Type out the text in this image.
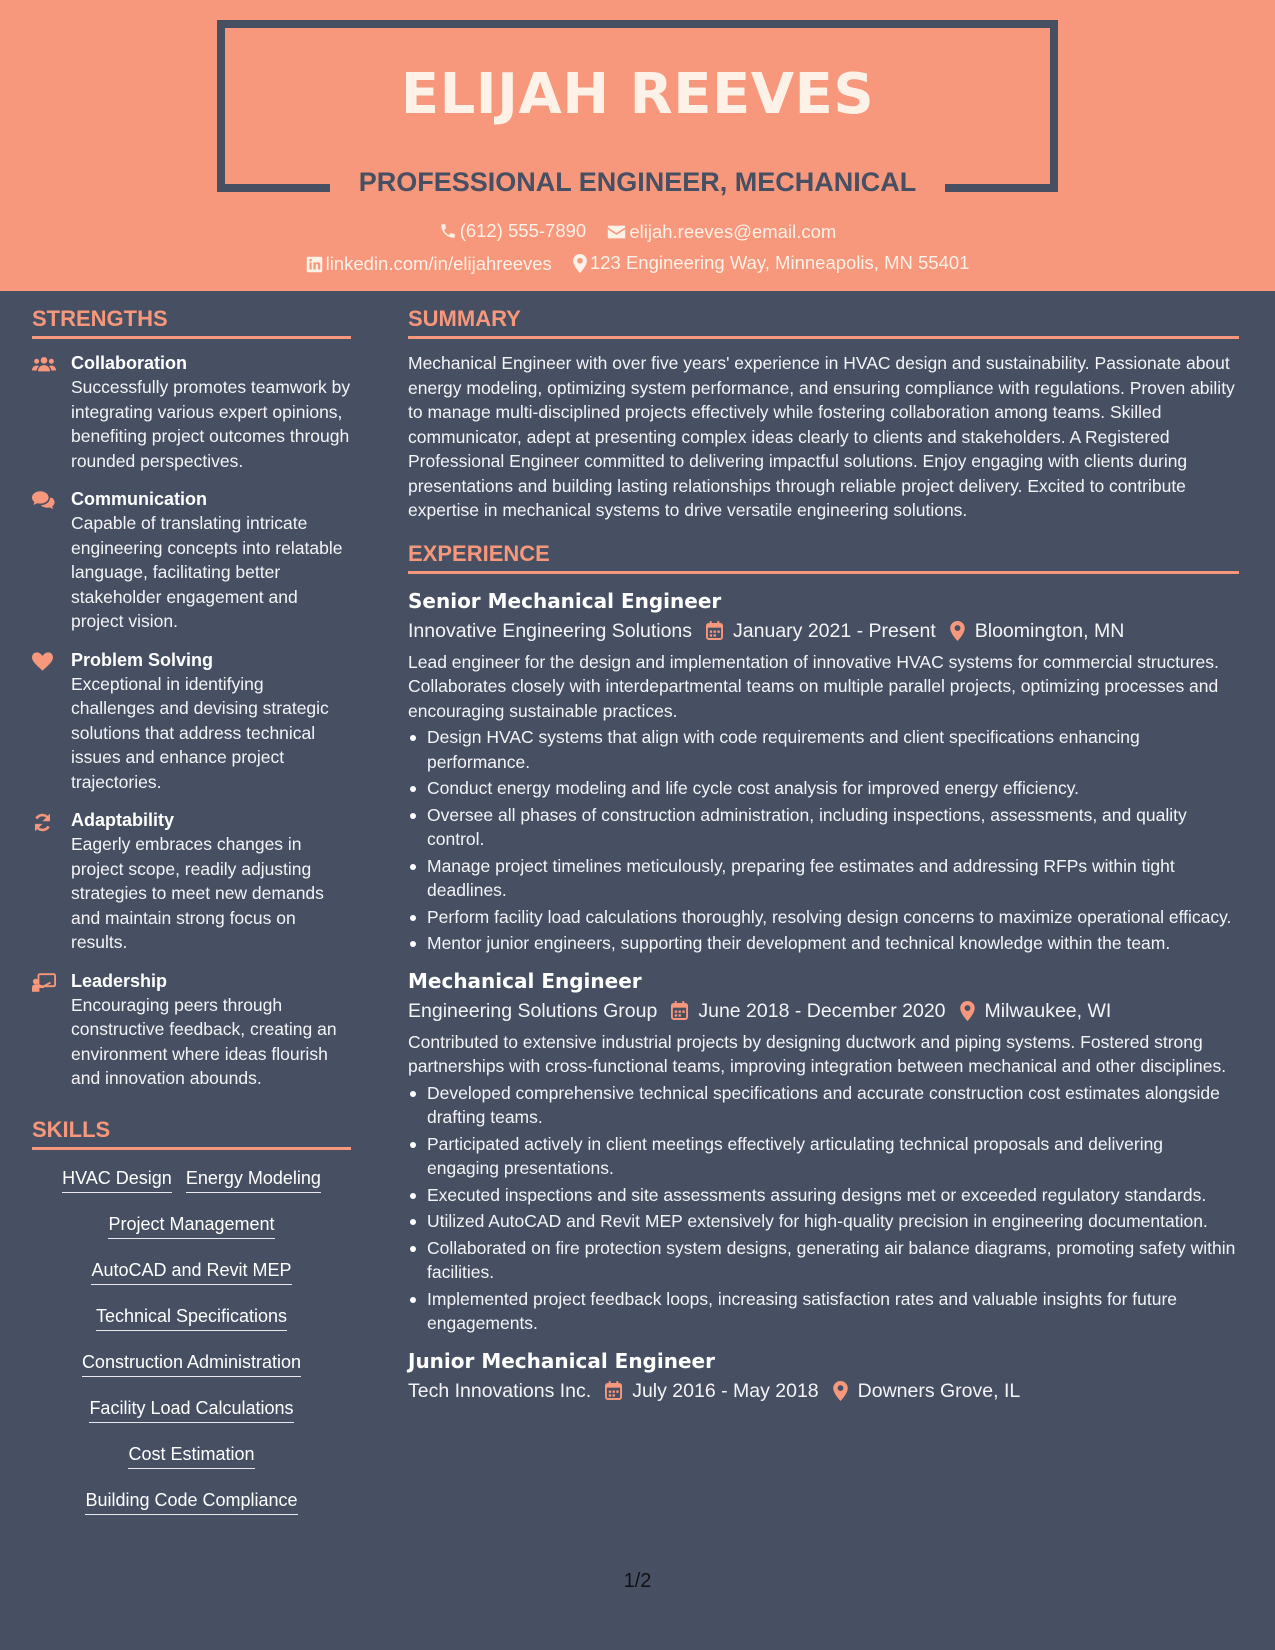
ELIJAH REEVES
PROFESSIONAL ENGINEER, MECHANICAL
(612) 555-7890
elijah.reeves@email.com
linkedin.com/in/elijahreeves
123 Engineering Way, Minneapolis, MN 55401
STRENGTHS
Collaboration
Successfully promotes teamwork by integrating various expert opinions, benefiting project outcomes through rounded perspectives.
Communication
Capable of translating intricate engineering concepts into relatable language, facilitating better stakeholder engagement and project vision.
Problem Solving
Exceptional in identifying challenges and devising strategic solutions that address technical issues and enhance project trajectories.
Adaptability
Eagerly embraces changes in project scope, readily adjusting strategies to meet new demands and maintain strong focus on results.
Leadership
Encouraging peers through constructive feedback, creating an environment where ideas flourish and innovation abounds.
SKILLS
HVAC Design Energy Modeling
Project Management
AutoCAD and Revit MEP
Technical Specifications
Construction Administration
Facility Load Calculations
Cost Estimation
Building Code Compliance
SUMMARY
Mechanical Engineer with over five years' experience in HVAC design and sustainability. Passionate about energy modeling, optimizing system performance, and ensuring compliance with regulations. Proven ability to manage multi-disciplined projects effectively while fostering collaboration among teams. Skilled communicator, adept at presenting complex ideas clearly to clients and stakeholders. A Registered Professional Engineer committed to delivering impactful solutions. Enjoy engaging with clients during presentations and building lasting relationships through reliable project delivery. Excited to contribute expertise in mechanical systems to drive versatile engineering solutions.
EXPERIENCE
Senior Mechanical Engineer
Innovative Engineering Solutions January 2021 - Present Bloomington, MN
Lead engineer for the design and implementation of innovative HVAC systems for commercial structures. Collaborates closely with interdepartmental teams on multiple parallel projects, optimizing processes and encouraging sustainable practices.
Design HVAC systems that align with code requirements and client specifications enhancing performance.
Conduct energy modeling and life cycle cost analysis for improved energy efficiency.
Oversee all phases of construction administration, including inspections, assessments, and quality control.
Manage project timelines meticulously, preparing fee estimates and addressing RFPs within tight deadlines.
Perform facility load calculations thoroughly, resolving design concerns to maximize operational efficacy.
Mentor junior engineers, supporting their development and technical knowledge within the team.
Mechanical Engineer
Engineering Solutions Group June 2018 - December 2020 Milwaukee, WI
Contributed to extensive industrial projects by designing ductwork and piping systems. Fostered strong partnerships with cross-functional teams, improving integration between mechanical and other disciplines.
Developed comprehensive technical specifications and accurate construction cost estimates alongside drafting teams.
Participated actively in client meetings effectively articulating technical proposals and delivering engaging presentations.
Executed inspections and site assessments assuring designs met or exceeded regulatory standards.
Utilized AutoCAD and Revit MEP extensively for high-quality precision in engineering documentation.
Collaborated on fire protection system designs, generating air balance diagrams, promoting safety within facilities.
Implemented project feedback loops, increasing satisfaction rates and valuable insights for future engagements.
Junior Mechanical Engineer
Tech Innovations Inc. July 2016 - May 2018 Downers Grove, IL
1/2
